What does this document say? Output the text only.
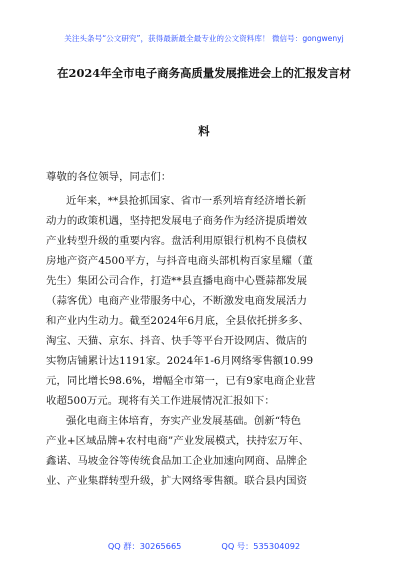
关注头条号“公文研究”，获得最新最全最专业的公文资料库！ 微信号：gongwenyj
在2024年全市电子商务高质量发展推进会上的汇报发言材
料
尊敬的各位领导，同志们：
近年来，**县抢抓国家、省市一系列培育经济增长新
动力的政策机遇，坚持把发展电子商务作为经济提质增效
产业转型升级的重要内容。盘活利用原银行机构不良债权
房地产资产4500平方，与抖音电商头部机构百家星耀（董
先生）集团公司合作，打造**县直播电商中心暨蒜都发展
（蒜客优）电商产业带服务中心，不断激发电商发展活力
和产业内生动力。截至2024年6月底，全县依托拼多多、
淘宝、天猫、京东、抖音、快手等平台开设网店、微店的
实物店铺累计达1191家。2024年1-6月网络零售额10.99
元，同比增长98.6%，增幅全市第一，已有9家电商企业营
收超500万元。现将有关工作进展情况汇报如下：
强化电商主体培育，夯实产业发展基础。创新“特色
产业+区域品牌+农村电商”产业发展模式，扶持宏万年、
鑫诺、马坡金谷等传统食品加工企业加速向网商、品牌企
业、产业集群转型升级，扩大网络零售额。联合县内国资
QQ 群：30265665	QQ 号：535304092
